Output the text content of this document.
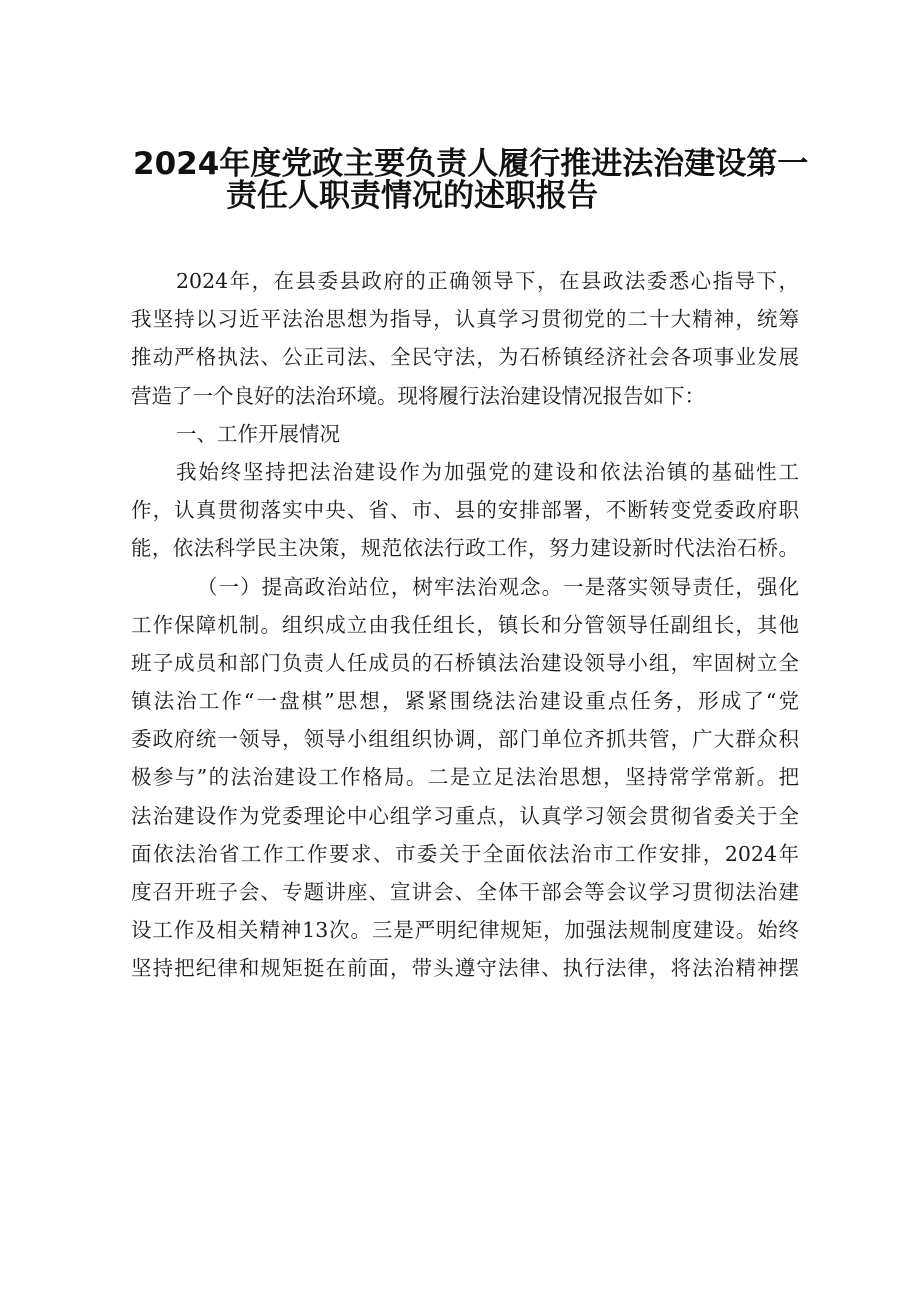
2024年度党政主要负责人履行推进法治建设第一
责任人职责情况的述职报告
2024年，在县委县政府的正确领导下，在县政法委悉心指导下，
我坚持以习近平法治思想为指导，认真学习贯彻党的二十大精神，统筹
推动严格执法、公正司法、全民守法，为石桥镇经济社会各项事业发展
营造了一个良好的法治环境。现将履行法治建设情况报告如下：
一、工作开展情况
我始终坚持把法治建设作为加强党的建设和依法治镇的基础性工
作，认真贯彻落实中央、省、市、县的安排部署，不断转变党委政府职
能，依法科学民主决策，规范依法行政工作，努力建设新时代法治石桥。
（一）提高政治站位，树牢法治观念。一是落实领导责任，强化
工作保障机制。组织成立由我任组长，镇长和分管领导任副组长，其他
班子成员和部门负责人任成员的石桥镇法治建设领导小组，牢固树立全
镇法治工作“一盘棋”思想，紧紧围绕法治建设重点任务，形成了“党
委政府统一领导，领导小组组织协调，部门单位齐抓共管，广大群众积
极参与”的法治建设工作格局。二是立足法治思想，坚持常学常新。把
法治建设作为党委理论中心组学习重点，认真学习领会贯彻省委关于全
面依法治省工作工作要求、市委关于全面依法治市工作安排，2024年
度召开班子会、专题讲座、宣讲会、全体干部会等会议学习贯彻法治建
设工作及相关精神13次。三是严明纪律规矩，加强法规制度建设。始终
坚持把纪律和规矩挺在前面，带头遵守法律、执行法律，将法治精神摆
